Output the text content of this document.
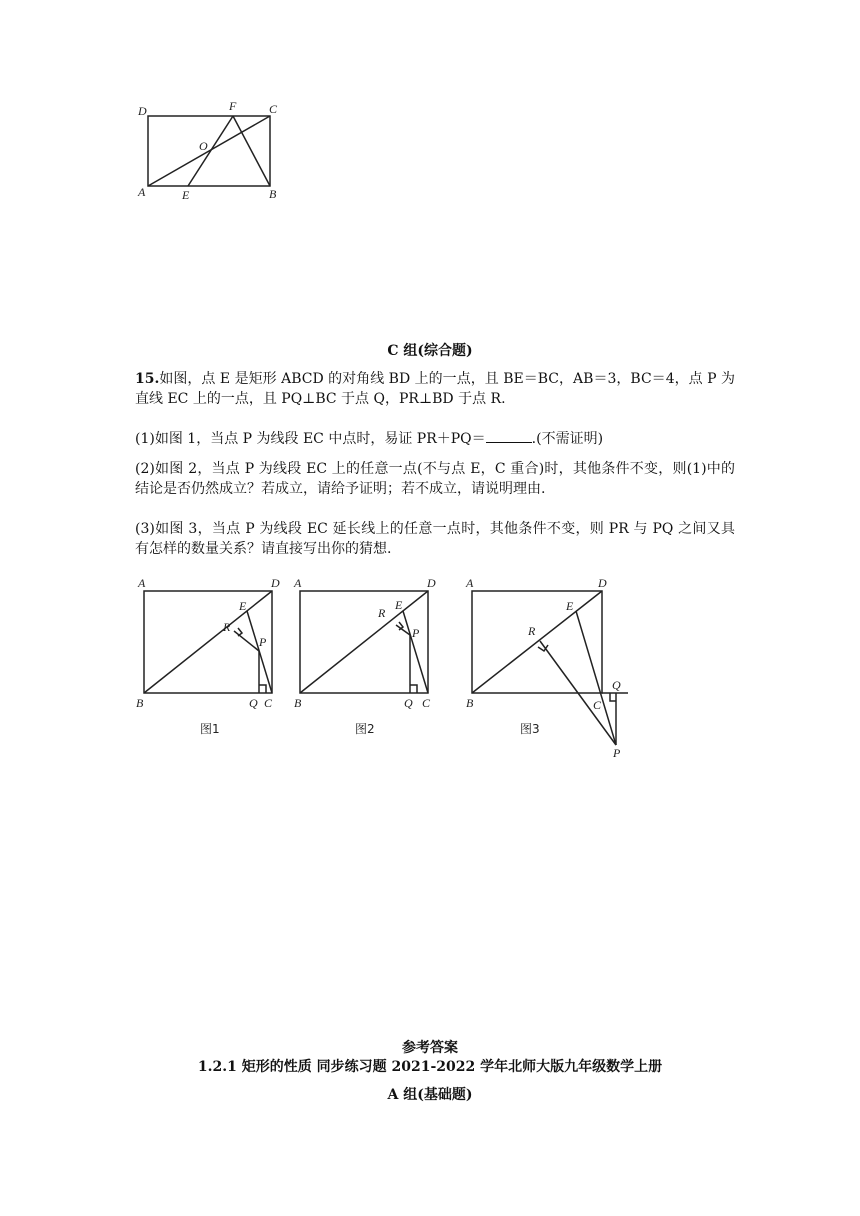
D	F	C
O
A	E	B
C 组(综合题)

15.如图，点 E 是矩形 ABCD 的对角线 BD 上的一点，且 BE＝BC，AB＝3，BC＝4，点 P 为直线 EC 上的一点，且 PQ⊥BC 于点 Q，PR⊥BD 于点 R.

(1)如图 1，当点 P 为线段 EC 中点时，易证 PR＋PQ＝	.(不需证明)

(2)如图 2，当点 P 为线段 EC 上的任意一点(不与点 E，C 重合)时，其他条件不变，则(1)中的结论是否仍然成立？若成立，请给予证明；若不成立，请说明理由.

(3)如图 3，当点 P 为线段 EC 延长线上的任意一点时，其他条件不变，则 PR 与 PQ 之间又具有怎样的数量关系？请直接写出你的猜想.

A	D
R
E
P
B	Q C
图1
A	D
R
E
P
B	Q C
图2
A	D
R
E
Q
B	C
P
图3
参考答案
1.2.1 矩形的性质 同步练习题 2021-2022 学年北师大版九年级数学上册
A 组(基础题)
